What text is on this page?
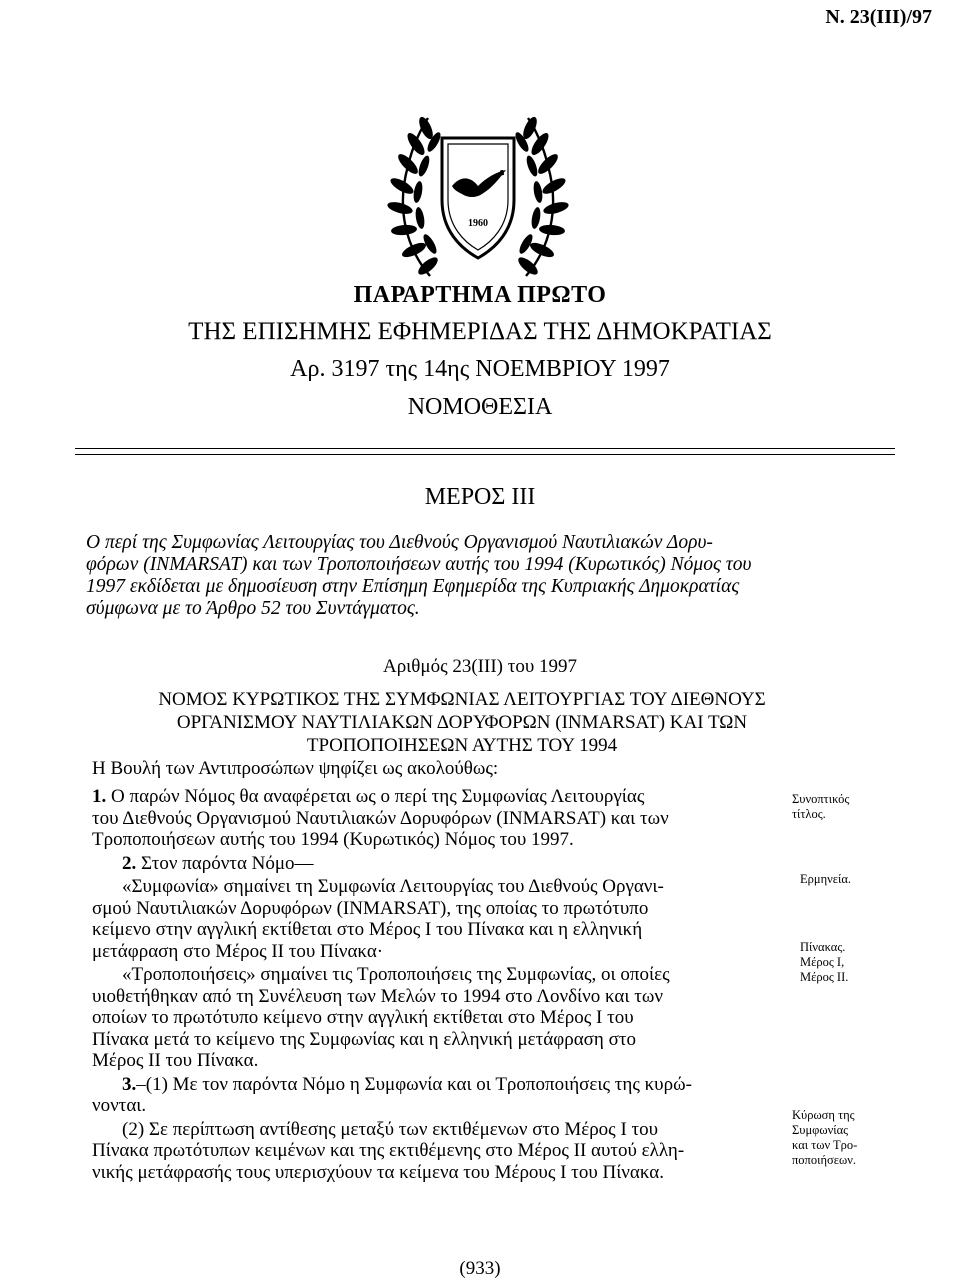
Ν. 23(ΙΙΙ)/97
1960
ΠΑΡΑΡΤΗΜΑ ΠΡΩΤΟ
ΤΗΣ ΕΠΙΣΗΜΗΣ ΕΦΗΜΕΡΙΔΑΣ ΤΗΣ ΔΗΜΟΚΡΑΤΙΑΣ
Αρ. 3197 της 14ης ΝΟΕΜΒΡΙΟΥ 1997
ΝΟΜΟΘΕΣΙΑ
ΜΕΡΟΣ ΙΙΙ
Ο περί της Συμφωνίας Λειτουργίας του Διεθνούς Οργανισμού Ναυτιλιακών Δορυ-
φόρων (INMARSAT) και των Τροποποιήσεων αυτής του 1994 (Κυρωτικός) Νόμος του
1997 εκδίδεται με δημοσίευση στην Επίσημη Εφημερίδα της Κυπριακής Δημοκρατίας
σύμφωνα με το Άρθρο 52 του Συντάγματος.
Αριθμός 23(ΙΙΙ) του 1997
ΝΟΜΟΣ ΚΥΡΩΤΙΚΟΣ ΤΗΣ ΣΥΜΦΩΝΙΑΣ ΛΕΙΤΟΥΡΓΙΑΣ ΤΟΥ ΔΙΕΘΝΟΥΣ
ΟΡΓΑΝΙΣΜΟΥ ΝΑΥΤΙΛΙΑΚΩΝ ΔΟΡΥΦΟΡΩΝ (INMARSAT) ΚΑΙ ΤΩΝ
ΤΡΟΠΟΠΟΙΗΣΕΩΝ ΑΥΤΗΣ ΤΟΥ 1994
Η Βουλή των Αντιπροσώπων ψηφίζει ως ακολούθως:

1. Ο παρών Νόμος θα αναφέρεται ως ο περί της Συμφωνίας Λειτουργίας
του Διεθνούς Οργανισμού Ναυτιλιακών Δορυφόρων (INMARSAT) και των
Τροποποιήσεων αυτής του 1994 (Κυρωτικός) Νόμος του 1997.

2. Στον παρόντα Νόμο—

«Συμφωνία» σημαίνει τη Συμφωνία Λειτουργίας του Διεθνούς Οργανι-
σμού Ναυτιλιακών Δορυφόρων (INMARSAT), της οποίας το πρωτότυπο
κείμενο στην αγγλική εκτίθεται στο Μέρος Ι του Πίνακα και η ελληνική
μετάφραση στο Μέρος ΙΙ του Πίνακα·

«Τροποποιήσεις» σημαίνει τις Τροποποιήσεις της Συμφωνίας, οι οποίες
υιοθετήθηκαν από τη Συνέλευση των Μελών το 1994 στο Λονδίνο και των
οποίων το πρωτότυπο κείμενο στην αγγλική εκτίθεται στο Μέρος Ι του
Πίνακα μετά το κείμενο της Συμφωνίας και η ελληνική μετάφραση στο
Μέρος ΙΙ του Πίνακα.

3.–(1) Με τον παρόντα Νόμο η Συμφωνία και οι Τροποποιήσεις της κυρώ-
νονται.

(2) Σε περίπτωση αντίθεσης μεταξύ των εκτιθέμενων στο Μέρος Ι του
Πίνακα πρωτότυπων κειμένων και της εκτιθέμενης στο Μέρος ΙΙ αυτού ελλη-
νικής μετάφρασής τους υπερισχύουν τα κείμενα του Μέρους Ι του Πίνακα.

Συνοπτικός
τίτλος.
Ερμηνεία.
Πίνακας.
Μέρος Ι,
Μέρος ΙΙ.
Κύρωση της
Συμφωνίας
και των Τρο-
ποποιήσεων.
(933)
